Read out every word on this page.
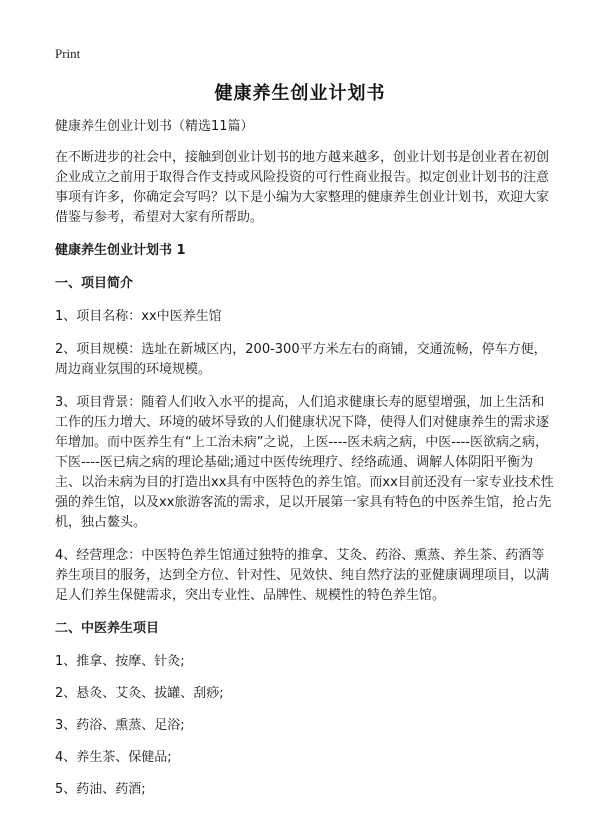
Print
健康养生创业计划书

健康养生创业计划书（精选11篇）

在不断进步的社会中，接触到创业计划书的地方越来越多，创业计划书是创业者在初创企业成立之前用于取得合作支持或风险投资的可行性商业报告。拟定创业计划书的注意事项有许多，你确定会写吗？以下是小编为大家整理的健康养生创业计划书，欢迎大家借鉴与参考，希望对大家有所帮助。

健康养生创业计划书 1

一、项目简介

1、项目名称：xx中医养生馆

2、项目规模：选址在新城区内，200-300平方米左右的商铺，交通流畅，停车方便，周边商业氛围的环境规模。

3、项目背景：随着人们收入水平的提高，人们追求健康长寿的愿望增强，加上生活和工作的压力增大、环境的破坏导致的人们健康状况下降，使得人们对健康养生的需求逐年增加。而中医养生有“上工治未病”之说，上医----医未病之病，中医----医欲病之病，下医----医已病之病的理论基础;通过中医传统理疗、经络疏通、调解人体阴阳平衡为主、以治未病为目的打造出xx具有中医特色的养生馆。而xx目前还没有一家专业技术性强的养生馆，以及xx旅游客流的需求，足以开展第一家具有特色的中医养生馆，抢占先机，独占鳌头。

4、经营理念：中医特色养生馆通过独特的推拿、艾灸、药浴、熏蒸、养生茶、药酒等养生项目的服务，达到全方位、针对性、见效快、纯自然疗法的亚健康调理项目，以满足人们养生保健需求，突出专业性、品牌性、规模性的特色养生馆。

二、中医养生项目

1、推拿、按摩、针灸;

2、悬灸、艾灸、拔罐、刮痧;

3、药浴、熏蒸、足浴;

4、养生茶、保健品;

5、药油、药酒;
